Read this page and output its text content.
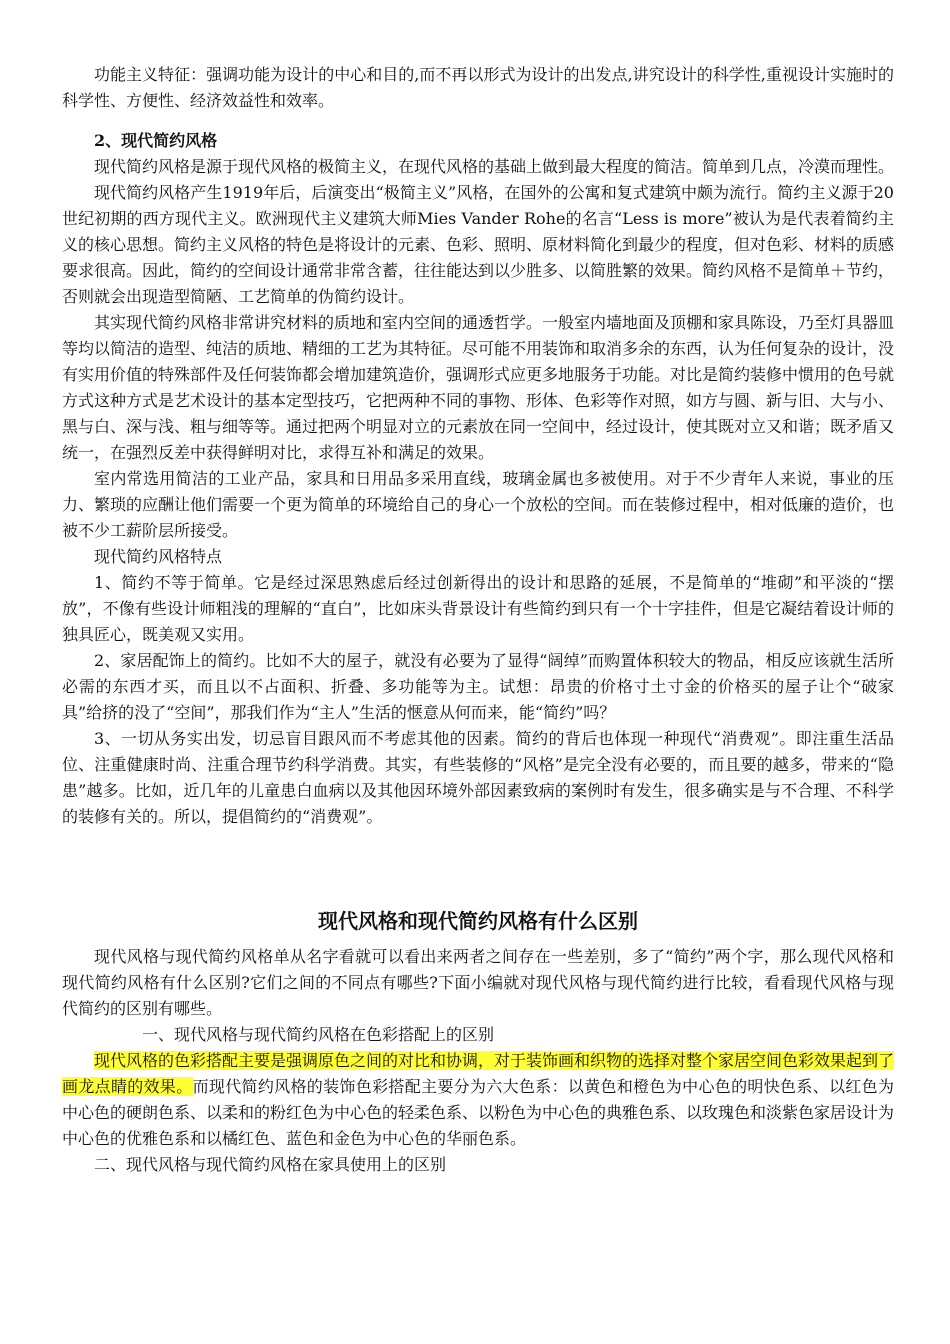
功能主义特征：强调功能为设计的中心和目的,而不再以形式为设计的出发点,讲究设计的科学性,重视设计实施时的科学性、方便性、经济效益性和效率。

2、现代简约风格

现代简约风格是源于现代风格的极简主义，在现代风格的基础上做到最大程度的简洁。简单到几点，冷漠而理性。

现代简约风格产生1919年后，后演变出“极简主义”风格，在国外的公寓和复式建筑中颇为流行。简约主义源于20世纪初期的西方现代主义。欧洲现代主义建筑大师Mies Vander Rohe的名言“Less is more”被认为是代表着简约主义的核心思想。简约主义风格的特色是将设计的元素、色彩、照明、原材料简化到最少的程度，但对色彩、材料的质感要求很高。因此，简约的空间设计通常非常含蓄，往往能达到以少胜多、以简胜繁的效果。简约风格不是简单＋节约，否则就会出现造型简陋、工艺简单的伪简约设计。

其实现代简约风格非常讲究材料的质地和室内空间的通透哲学。一般室内墙地面及顶棚和家具陈设，乃至灯具器皿等均以简洁的造型、纯洁的质地、精细的工艺为其特征。尽可能不用装饰和取消多余的东西，认为任何复杂的设计，没有实用价值的特殊部件及任何装饰都会增加建筑造价，强调形式应更多地服务于功能。对比是简约装修中惯用的色号就方式这种方式是艺术设计的基本定型技巧，它把两种不同的事物、形体、色彩等作对照，如方与圆、新与旧、大与小、黑与白、深与浅、粗与细等等。通过把两个明显对立的元素放在同一空间中，经过设计，使其既对立又和谐；既矛盾又统一，在强烈反差中获得鲜明对比，求得互补和满足的效果。

室内常选用简洁的工业产品，家具和日用品多采用直线，玻璃金属也多被使用。对于不少青年人来说，事业的压力、繁琐的应酬让他们需要一个更为简单的环境给自己的身心一个放松的空间。而在装修过程中，相对低廉的造价，也被不少工薪阶层所接受。

现代简约风格特点

1、简约不等于简单。它是经过深思熟虑后经过创新得出的设计和思路的延展，不是简单的“堆砌”和平淡的“摆放”，不像有些设计师粗浅的理解的“直白”，比如床头背景设计有些简约到只有一个十字挂件，但是它凝结着设计师的独具匠心，既美观又实用。

2、家居配饰上的简约。比如不大的屋子，就没有必要为了显得“阔绰”而购置体积较大的物品，相反应该就生活所必需的东西才买，而且以不占面积、折叠、多功能等为主。试想：昂贵的价格寸土寸金的价格买的屋子让个“破家具”给挤的没了“空间”，那我们作为“主人”生活的惬意从何而来，能“简约”吗？

3、一切从务实出发，切忌盲目跟风而不考虑其他的因素。简约的背后也体现一种现代“消费观”。即注重生活品位、注重健康时尚、注重合理节约科学消费。其实，有些装修的“风格”是完全没有必要的，而且要的越多，带来的“隐患”越多。比如，近几年的儿童患白血病以及其他因环境外部因素致病的案例时有发生，很多确实是与不合理、不科学的装修有关的。所以，提倡简约的“消费观”。

现代风格和现代简约风格有什么区别

现代风格与现代简约风格单从名字看就可以看出来两者之间存在一些差别，多了“简约”两个字，那么现代风格和现代简约风格有什么区别?它们之间的不同点有哪些?下面小编就对现代风格与现代简约进行比较，看看现代风格与现代简约的区别有哪些。

一、现代风格与现代简约风格在色彩搭配上的区别

现代风格的色彩搭配主要是强调原色之间的对比和协调，对于装饰画和织物的选择对整个家居空间色彩效果起到了画龙点睛的效果。而现代简约风格的装饰色彩搭配主要分为六大色系：以黄色和橙色为中心色的明快色系、以红色为中心色的硬朗色系、以柔和的粉红色为中心色的轻柔色系、以粉色为中心色的典雅色系、以玫瑰色和淡紫色家居设计为中心色的优雅色系和以橘红色、蓝色和金色为中心色的华丽色系。

二、现代风格与现代简约风格在家具使用上的区别
